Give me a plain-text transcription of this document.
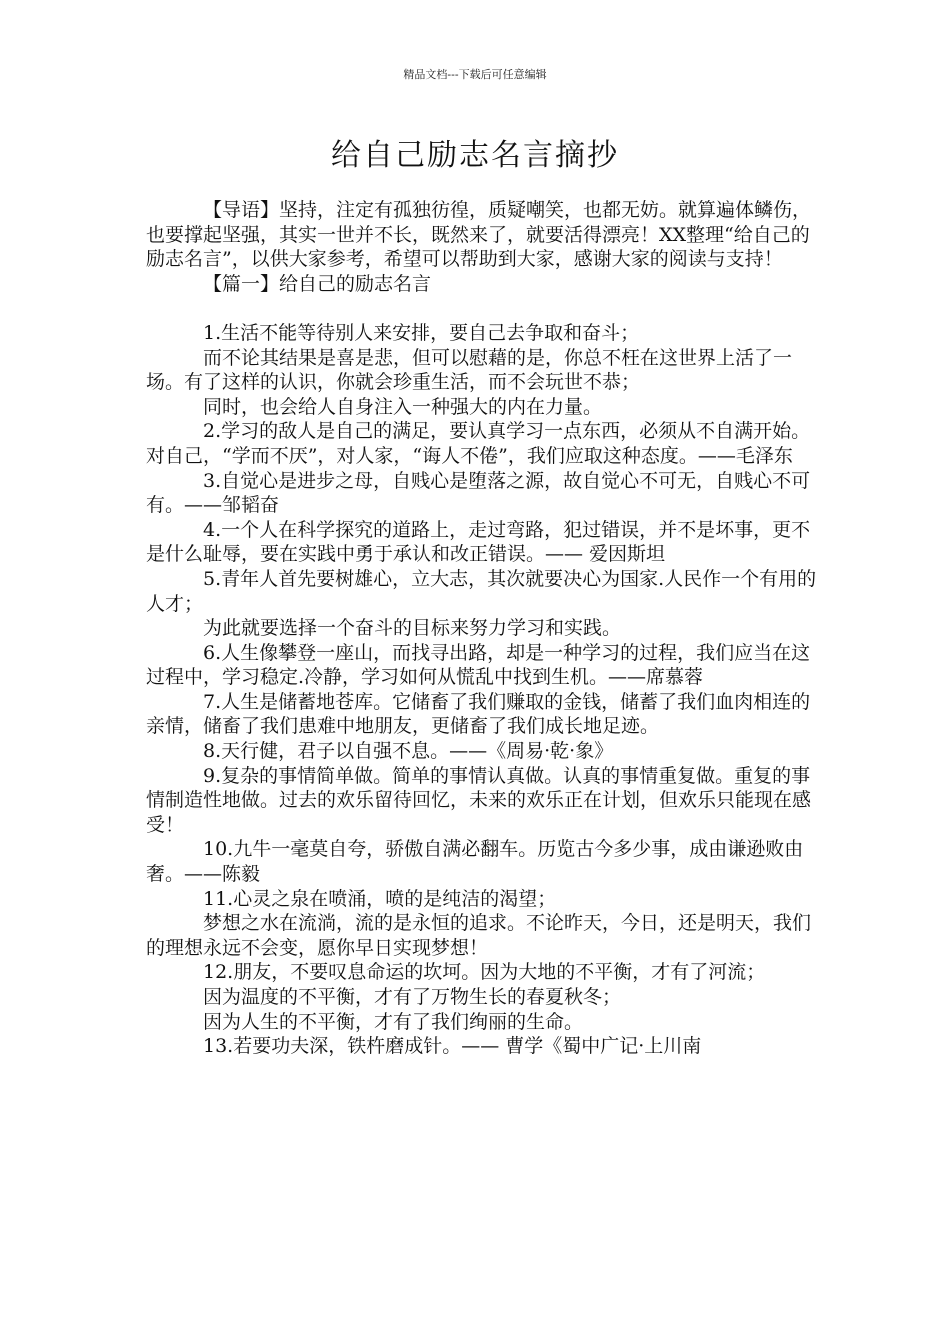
精品文档---下载后可任意编辑
给自己励志名言摘抄

【导语】坚持，注定有孤独彷徨，质疑嘲笑，也都无妨。就算遍体鳞伤，也要撑起坚强，其实一世并不长，既然来了，就要活得漂亮！XX整理“给自己的励志名言”，以供大家参考，希望可以帮助到大家，感谢大家的阅读与支持！

【篇一】给自己的励志名言

1.生活不能等待别人来安排，要自己去争取和奋斗；

而不论其结果是喜是悲，但可以慰藉的是，你总不枉在这世界上活了一场。有了这样的认识，你就会珍重生活，而不会玩世不恭；

同时，也会给人自身注入一种强大的内在力量。

2.学习的敌人是自己的满足，要认真学习一点东西，必须从不自满开始。对自己，“学而不厌”，对人家，“诲人不倦”，我们应取这种态度。——毛泽东

3.自觉心是进步之母，自贱心是堕落之源，故自觉心不可无，自贱心不可有。——邹韬奋

4.一个人在科学探究的道路上，走过弯路，犯过错误，并不是坏事，更不是什么耻辱，要在实践中勇于承认和改正错误。—— 爱因斯坦

5.青年人首先要树雄心，立大志，其次就要决心为国家.人民作一个有用的人才；

为此就要选择一个奋斗的目标来努力学习和实践。

6.人生像攀登一座山，而找寻出路，却是一种学习的过程，我们应当在这过程中，学习稳定.冷静，学习如何从慌乱中找到生机。——席慕蓉

7.人生是储蓄地苍库。它储畜了我们赚取的金钱，储蓄了我们血肉相连的亲情，储畜了我们患难中地朋友，更储畜了我们成长地足迹。

8.天行健，君子以自强不息。——《周易·乾·象》

9.复杂的事情简单做。简单的事情认真做。认真的事情重复做。重复的事情制造性地做。过去的欢乐留待回忆，未来的欢乐正在计划，但欢乐只能现在感受！

10.九牛一毫莫自夸，骄傲自满必翻车。历览古今多少事，成由谦逊败由奢。——陈毅

11.心灵之泉在喷涌，喷的是纯洁的渴望；

梦想之水在流淌，流的是永恒的追求。不论昨天，今日，还是明天，我们的理想永远不会变，愿你早日实现梦想！

12.朋友，不要叹息命运的坎坷。因为大地的不平衡，才有了河流；

因为温度的不平衡，才有了万物生长的春夏秋冬；

因为人生的不平衡，才有了我们绚丽的生命。

13.若要功夫深，铁杵磨成针。—— 曹学《蜀中广记·上川南
